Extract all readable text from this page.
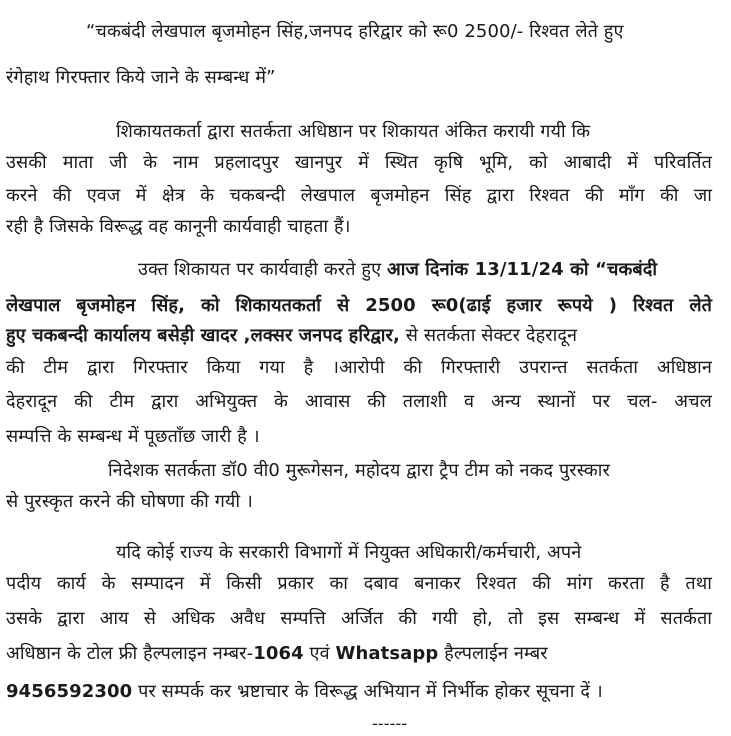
“चकबंदी लेखपाल बृजमोहन सिंह,जनपद हरिद्वार को रू0 2500/- रिश्वत लेते हुए
रंगेहाथ गिरफ्तार किये जाने के सम्बन्ध में”
शिकायतकर्ता द्वारा सतर्कता अधिष्ठान पर शिकायत अंकित करायी गयी कि
उसकी माता जी के नाम प्रहलादपुर खानपुर में स्थित कृषि भूमि, को आबादी में परिवर्तित
करने की एवज में क्षेत्र के चकबन्दी लेखपाल बृजमोहन सिंह द्वारा रिश्वत की माँग की जा
रही है जिसके विरूद्ध वह कानूनी कार्यवाही चाहता हैं।
उक्त शिकायत पर कार्यवाही करते हुए आज दिनांक 13/11/24 को “चकबंदी
लेखपाल बृजमोहन सिंह, को शिकायतकर्ता से 2500 रू0(ढाई हजार रूपये ) रिश्वत लेते
हुए चकबन्दी कार्यालय बसेड़ी खादर ,लक्सर जनपद हरिद्वार, से सतर्कता सेक्टर देहरादून
की टीम द्वारा गिरफ्तार किया गया है ।आरोपी की गिरफ्तारी उपरान्त सतर्कता अधिष्ठान
देहरादून की टीम द्वारा अभियुक्त के आवास की तलाशी व अन्य स्थानों पर चल- अचल
सम्पत्ति के सम्बन्ध में पूछताँछ जारी है ।
निदेशक सतर्कता डॉ0 वी0 मुरूगेसन, महोदय द्वारा ट्रैप टीम को नकद पुरस्कार
से पुरस्कृत करने की घोषणा की गयी ।
यदि कोई राज्य के सरकारी विभागों में नियुक्त अधिकारी/कर्मचारी, अपने
पदीय कार्य के सम्पादन में किसी प्रकार का दबाव बनाकर रिश्वत की मांग करता है तथा
उसके द्वारा आय से अधिक अवैध सम्पत्ति अर्जित की गयी हो, तो इस सम्बन्ध में सतर्कता
अधिष्ठान के टोल फ्री हैल्पलाइन नम्बर-1064 एवं Whatsapp हैल्पलाईन नम्बर
9456592300 पर सम्पर्क कर भ्रष्टाचार के विरूद्ध अभियान में निर्भीक होकर सूचना दें ।
------
